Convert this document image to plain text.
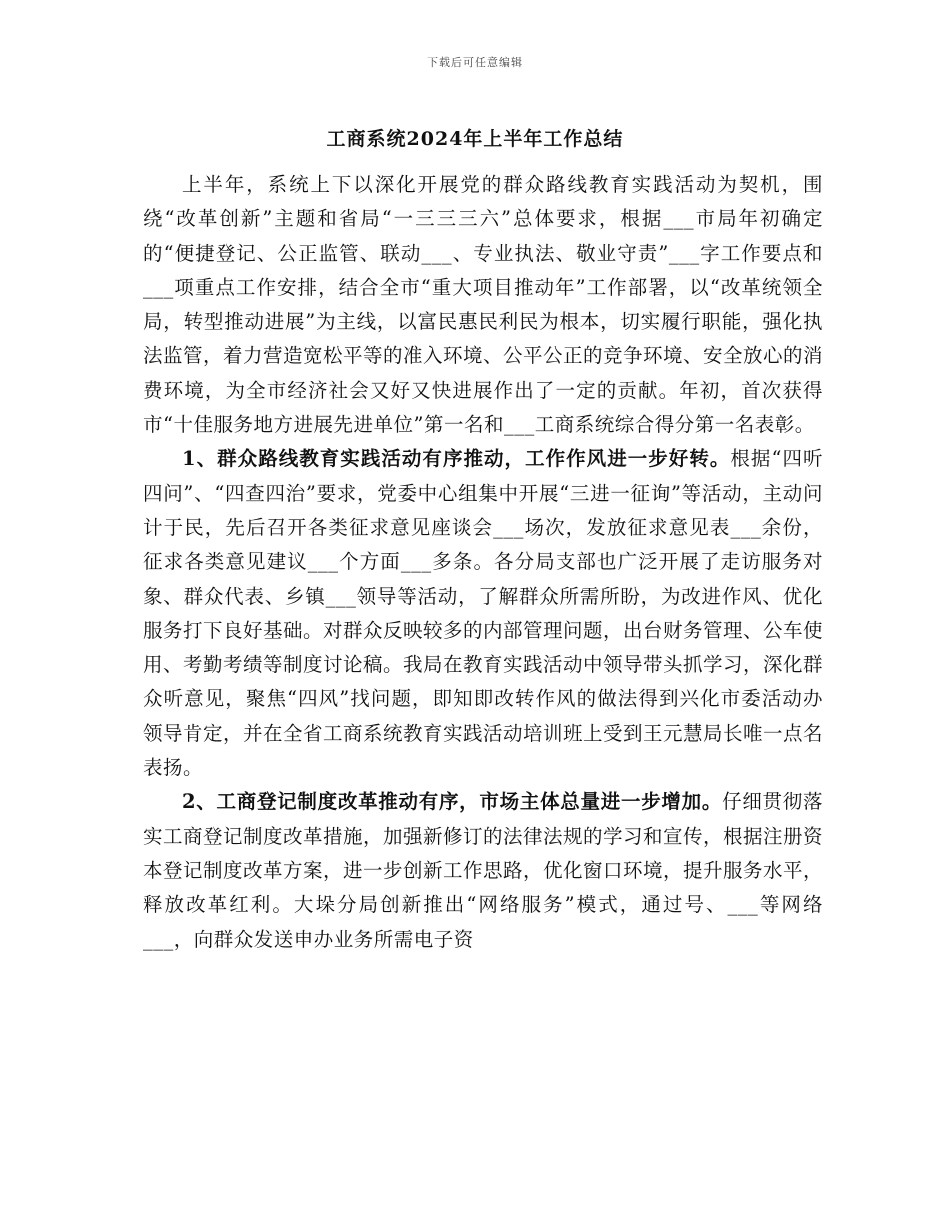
下载后可任意编辑
工商系统2024年上半年工作总结

上半年，系统上下以深化开展党的群众路线教育实践活动为契机，围绕“改革创新”主题和省局“一三三三六”总体要求，根据___市局年初确定的“便捷登记、公正监管、联动___、专业执法、敬业守责”___字工作要点和___项重点工作安排，结合全市“重大项目推动年”工作部署，以“改革统领全局，转型推动进展”为主线，以富民惠民利民为根本，切实履行职能，强化执法监管，着力营造宽松平等的准入环境、公平公正的竞争环境、安全放心的消费环境，为全市经济社会又好又快进展作出了一定的贡献。年初，首次获得市“十佳服务地方进展先进单位”第一名和___工商系统综合得分第一名表彰。

1、群众路线教育实践活动有序推动，工作作风进一步好转。根据“四听四问”、“四查四治”要求，党委中心组集中开展“三进一征询”等活动，主动问计于民，先后召开各类征求意见座谈会___场次，发放征求意见表___余份，征求各类意见建议___个方面___多条。各分局支部也广泛开展了走访服务对象、群众代表、乡镇___领导等活动，了解群众所需所盼，为改进作风、优化服务打下良好基础。对群众反映较多的内部管理问题，出台财务管理、公车使用、考勤考绩等制度讨论稿。我局在教育实践活动中领导带头抓学习，深化群众听意见，聚焦“四风”找问题，即知即改转作风的做法得到兴化市委活动办领导肯定，并在全省工商系统教育实践活动培训班上受到王元慧局长唯一点名表扬。

2、工商登记制度改革推动有序，市场主体总量进一步增加。仔细贯彻落实工商登记制度改革措施，加强新修订的法律法规的学习和宣传，根据注册资本登记制度改革方案，进一步创新工作思路，优化窗口环境，提升服务水平，释放改革红利。大垛分局创新推出“网络服务”模式，通过号、___等网络___，向群众发送申办业务所需电子资
